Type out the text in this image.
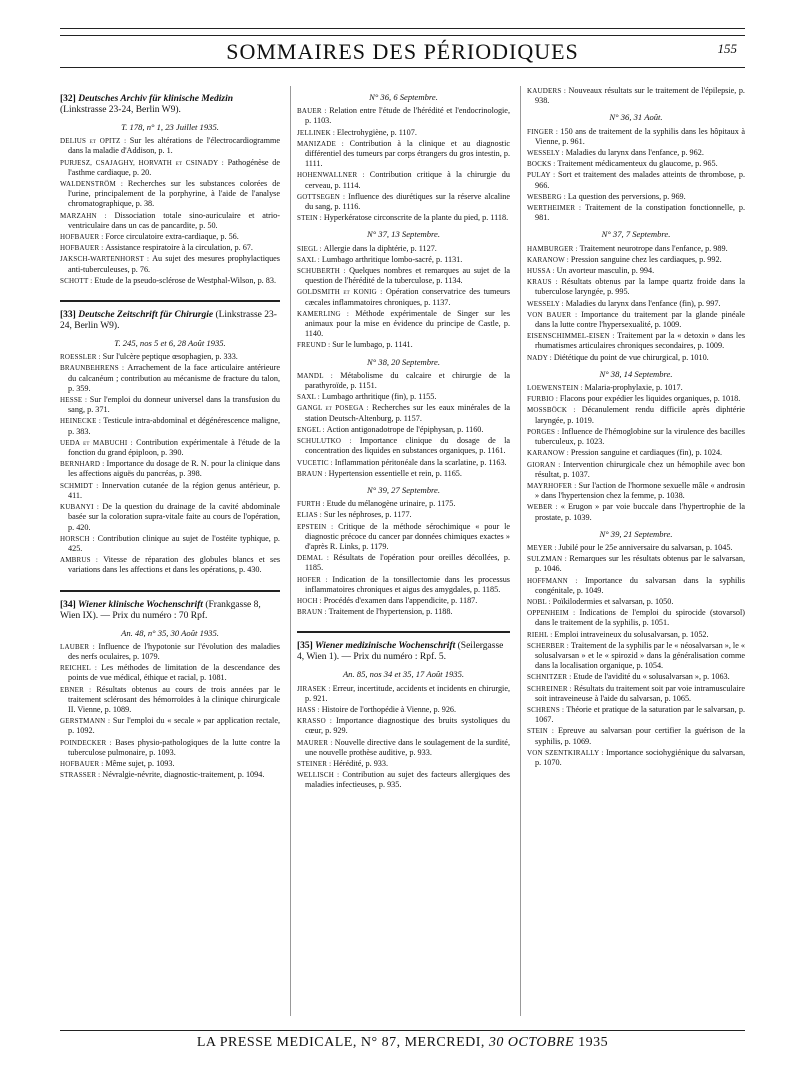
SOMMAIRES DES PÉRIODIQUES	155
[32] Deutsches Archiv für klinische Medizin (Linkstrasse 23-24, Berlin W9).
T. 178, n° 1, 23 Juillet 1935.
DELIUS et OPITZ : Sur les altérations de l'électrocardiogramme dans la maladie d'Addison, p. 1.
PURJESZ, CSAJAGHY, HORVATH et CSINADY : Pathogénèse de l'asthme cardiaque, p. 20.
WALDENSTRÖM : Recherches sur les substances colorées de l'urine, principalement de la porphyrine, à l'aide de l'analyse chromatographique, p. 38.
MARZAHN : Dissociation totale sino-auriculaire et atrio-ventriculaire dans un cas de pancardite, p. 50.
HOFBAUER : Force circulatoire extra-cardiaque, p. 56.
HOFBAUER : Assistance respiratoire à la circulation, p. 67.
JAKSCH-WARTENHORST : Au sujet des mesures prophylactiques anti-tuberculeuses, p. 76.
SCHOTT : Etude de la pseudo-sclérose de Westphal-Wilson, p. 83.
[33] Deutsche Zeitschrift für Chirurgie (Linkstrasse 23-24, Berlin W9).
T. 245, nos 5 et 6, 28 Août 1935.
ROESSLER : Sur l'ulcère peptique œsophagien, p. 333.
BRAUNBEHRENS : Arrachement de la face articulaire antérieure du calcanéum ; contribution au mécanisme de fracture du talon, p. 359.
HESSE : Sur l'emploi du donneur universel dans la transfusion du sang, p. 371.
HEINECKE : Testicule intra-abdominal et dégénérescence maligne, p. 383.
UEDA et MABUCHI : Contribution expérimentale à l'étude de la fonction du grand épiploon, p. 390.
BERNHARD : Importance du dosage de R. N. pour la clinique dans les affections aiguës du pancréas, p. 398.
SCHMIDT : Innervation cutanée de la région genus antérieur, p. 411.
KUBANYI : De la question du drainage de la cavité abdominale basée sur la coloration supra-vitale faite au cours de l'opération, p. 420.
HORSCH : Contribution clinique au sujet de l'ostéite typhique, p. 425.
AMBRUS : Vitesse de réparation des globules blancs et ses variations dans les affections et dans les opérations, p. 430.
[34] Wiener klinische Wochenschrift (Frankgasse 8, Wien IX). — Prix du numéro : 70 Rpf.
An. 48, n° 35, 30 Août 1935.
LAUBER : Influence de l'hypotonie sur l'évolution des maladies des nerfs oculaires, p. 1079.
REICHEL : Les méthodes de limitation de la descendance des points de vue médical, éthique et racial, p. 1081.
EBNER : Résultats obtenus au cours de trois années par le traitement sclérosant des hémorroïdes à la clinique chirurgicale II. Vienne, p. 1089.
GERSTMANN : Sur l'emploi du « secale » par application rectale, p. 1092.
POINDECKER : Bases physio-pathologiques de la lutte contre la tuberculose pulmonaire, p. 1093.
HOFBAUER : Même sujet, p. 1093.
STRASSER : Névralgie-névrite, diagnostic-traitement, p. 1094.
N° 36, 6 Septembre.
BAUER : Relation entre l'étude de l'hérédité et l'endocrinologie, p. 1103.
JELLINEK : Electrohygiène, p. 1107.
MANIZADE : Contribution à la clinique et au diagnostic différentiel des tumeurs par corps étrangers du gros intestin, p. 1111.
HOHENWALLNER : Contribution critique à la chirurgie du cerveau, p. 1114.
GOTTSEGEN : Influence des diurétiques sur la réserve alcaline du sang, p. 1116.
STEIN : Hyperkératose circonscrite de la plante du pied, p. 1118.
N° 37, 13 Septembre.
SIEGL : Allergie dans la diphtérie, p. 1127.
SAXL : Lumbago arthritique lombo-sacré, p. 1131.
SCHUBERTH : Quelques nombres et remarques au sujet de la question de l'hérédité de la tuberculose, p. 1134.
GOLDSMITH et KONIG : Opération conservatrice des tumeurs cæcales inflammatoires chroniques, p. 1137.
KAMERLING : Méthode expérimentale de Singer sur les animaux pour la mise en évidence du principe de Castle, p. 1140.
FREUND : Sur le lumbago, p. 1141.
N° 38, 20 Septembre.
MANDL : Métabolisme du calcaire et chirurgie de la parathyroïde, p. 1151.
SAXL : Lumbago arthritique (fin), p. 1155.
GANGL et POSEGA : Recherches sur les eaux minérales de la station Deutsch-Altenburg, p. 1157.
ENGEL : Action antigonadotrope de l'épiphysan, p. 1160.
SCHULUTKO : Importance clinique du dosage de la concentration des liquides en substances organiques, p. 1161.
VUCETIC : Inflammation péritonéale dans la scarlatine, p. 1163.
BRAUN : Hypertension essentielle et rein, p. 1165.
N° 39, 27 Septembre.
FURTH : Etude du mélanogène urinaire, p. 1175.
ELIAS : Sur les néphroses, p. 1177.
EPSTEIN : Critique de la méthode sérochimique « pour le diagnostic précoce du cancer par données chimiques exactes » d'après R. Links, p. 1179.
DEMAL : Résultats de l'opération pour oreilles décollées, p. 1185.
HOFER : Indication de la tonsillectomie dans les processus inflammatoires chroniques et aigus des amygdales, p. 1185.
HOCH : Procédés d'examen dans l'appendicite, p. 1187.
BRAUN : Traitement de l'hypertension, p. 1188.
[35] Wiener medizinische Wochenschrift (Seilergasse 4, Wien 1). — Prix du numéro : Rpf. 5.
An. 85, nos 34 et 35, 17 Août 1935.
JIRASEK : Erreur, incertitude, accidents et incidents en chirurgie, p. 921.
HASS : Histoire de l'orthopédie à Vienne, p. 926.
KRASSO : Importance diagnostique des bruits systoliques du cœur, p. 929.
MAURER : Nouvelle directive dans le soulagement de la surdité, une nouvelle prothèse auditive, p. 933.
STEINER : Hérédité, p. 933.
WELLISCH : Contribution au sujet des facteurs allergiques des maladies infectieuses, p. 935.
KAUDERS : Nouveaux résultats sur le traitement de l'épilepsie, p. 938.
N° 36, 31 Août.
FINGER : 150 ans de traitement de la syphilis dans les hôpitaux à Vienne, p. 961.
WESSELY : Maladies du larynx dans l'enfance, p. 962.
BOCKS : Traitement médicamenteux du glaucome, p. 965.
PULAY : Sort et traitement des malades atteints de thrombose, p. 966.
WESBERG : La question des perversions, p. 969.
WERTHEIMER : Traitement de la constipation fonctionnelle, p. 981.
N° 37, 7 Septembre.
HAMBURGER : Traitement neurotrope dans l'enfance, p. 989.
KARANOW : Pression sanguine chez les cardiaques, p. 992.
HUSSA : Un avorteur masculin, p. 994.
KRAUS : Résultats obtenus par la lampe quartz froide dans la tuberculose laryngée, p. 995.
WESSELY : Maladies du larynx dans l'enfance (fin), p. 997.
VON BAUER : Importance du traitement par la glande pinéale dans la lutte contre l'hypersexualité, p. 1009.
EISENSCHIMMEL-EISEN : Traitement par la « detoxin » dans les rhumatismes articulaires chroniques secondaires, p. 1009.
NADY : Diététique du point de vue chirurgical, p. 1010.
N° 38, 14 Septembre.
LOEWENSTEIN : Malaria-prophylaxie, p. 1017.
FURBIO : Flacons pour expédier les liquides organiques, p. 1018.
MOSSBÖCK : Décanulement rendu difficile après diphtérie laryngée, p. 1019.
PORGES : Influence de l'hémoglobine sur la virulence des bacilles tuberculeux, p. 1023.
KARANOW : Pression sanguine et cardiaques (fin), p. 1024.
GIORAN : Intervention chirurgicale chez un hémophile avec bon résultat, p. 1037.
MAYRHOFER : Sur l'action de l'hormone sexuelle mâle « androsin » dans l'hypertension chez la femme, p. 1038.
WEBER : « Erugon » par voie buccale dans l'hypertrophie de la prostate, p. 1039.
N° 39, 21 Septembre.
MEYER : Jubilé pour le 25e anniversaire du salvarsan, p. 1045.
SULZMAN : Remarques sur les résultats obtenus par le salvarsan, p. 1046.
HOFFMANN : Importance du salvarsan dans la syphilis congénitale, p. 1049.
NOBL : Poïkilodermies et salvarsan, p. 1050.
OPPENHEIM : Indications de l'emploi du spirocide (stovarsol) dans le traitement de la syphilis, p. 1051.
RIEHL : Emploi intraveineux du solusalvarsan, p. 1052.
SCHERBER : Traitement de la syphilis par le « néosalvarsan », le « solusalvarsan » et le « spirozid » dans la généralisation comme dans la localisation organique, p. 1054.
SCHNITZER : Etude de l'avidité du « solusalvarsan », p. 1063.
SCHREINER : Résultats du traitement soit par voie intramusculaire soit intraveineuse à l'aide du salvarsan, p. 1065.
SCHRENS : Théorie et pratique de la saturation par le salvarsan, p. 1067.
STEIN : Epreuve au salvarsan pour certifier la guérison de la syphilis, p. 1069.
VON SZENTKIRALLY : Importance sociohygiénique du salvarsan, p. 1070.
LA PRESSE MEDICALE, N° 87, MERCREDI, 30 OCTOBRE 1935
